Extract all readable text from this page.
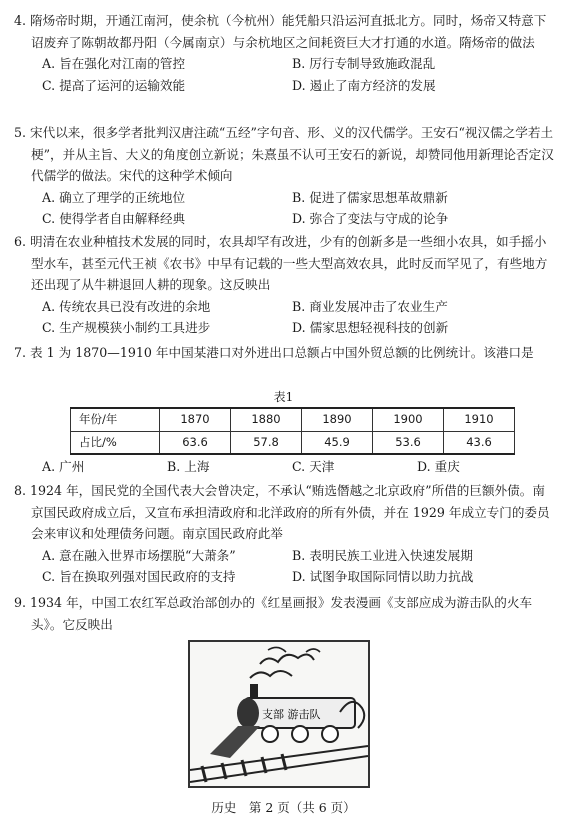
4. 隋炀帝时期，开通江南河，使余杭（今杭州）能凭船只沿运河直抵北方。同时，炀帝又特意下诏废弃了陈朝故都丹阳（今属南京）与余杭地区之间耗资巨大才打通的水道。隋炀帝的做法

A. 旨在强化对江南的管控	B. 厉行专制导致施政混乱
C. 提高了运河的运输效能	D. 遏止了南方经济的发展

5. 宋代以来，很多学者批判汉唐注疏“五经”字句音、形、义的汉代儒学。王安石“视汉儒之学若土梗”，并从主旨、大义的角度创立新说；朱熹虽不认可王安石的新说，却赞同他用新理论否定汉代儒学的做法。宋代的这种学术倾向

A. 确立了理学的正统地位	B. 促进了儒家思想革故鼎新
C. 使得学者自由解释经典	D. 弥合了变法与守成的论争

6. 明清在农业种植技术发展的同时，农具却罕有改进，少有的创新多是一些细小农具，如手摇小型水车，甚至元代王祯《农书》中早有记载的一些大型高效农具，此时反而罕见了，有些地方还出现了从牛耕退回人耕的现象。这反映出

A. 传统农具已没有改进的余地	B. 商业发展冲击了农业生产
C. 生产规模狭小制约工具进步	D. 儒家思想轻视科技的创新

7. 表 1 为 1870—1910 年中国某港口对外进出口总额占中国外贸总额的比例统计。该港口是

表1
年份/年	1870	1880	1890	1900	1910
占比/%	63.6	57.8	45.9	53.6	43.6
A. 广州	B. 上海	C. 天津	D. 重庆

8. 1924 年，国民党的全国代表大会曾决定，不承认“贿选僭越之北京政府”所借的巨额外债。南京国民政府成立后，又宣布承担清政府和北洋政府的所有外债，并在 1929 年成立专门的委员会来审议和处理债务问题。南京国民政府此举

A. 意在融入世界市场摆脱“大萧条”	B. 表明民族工业进入快速发展期
C. 旨在换取列强对国民政府的支持	D. 试图争取国际同情以助力抗战

9. 1934 年，中国工农红军总政治部创办的《红星画报》发表漫画《支部应成为游击队的火车头》。它反映出

支部 游击队
历史　第 2 页（共 6 页）
